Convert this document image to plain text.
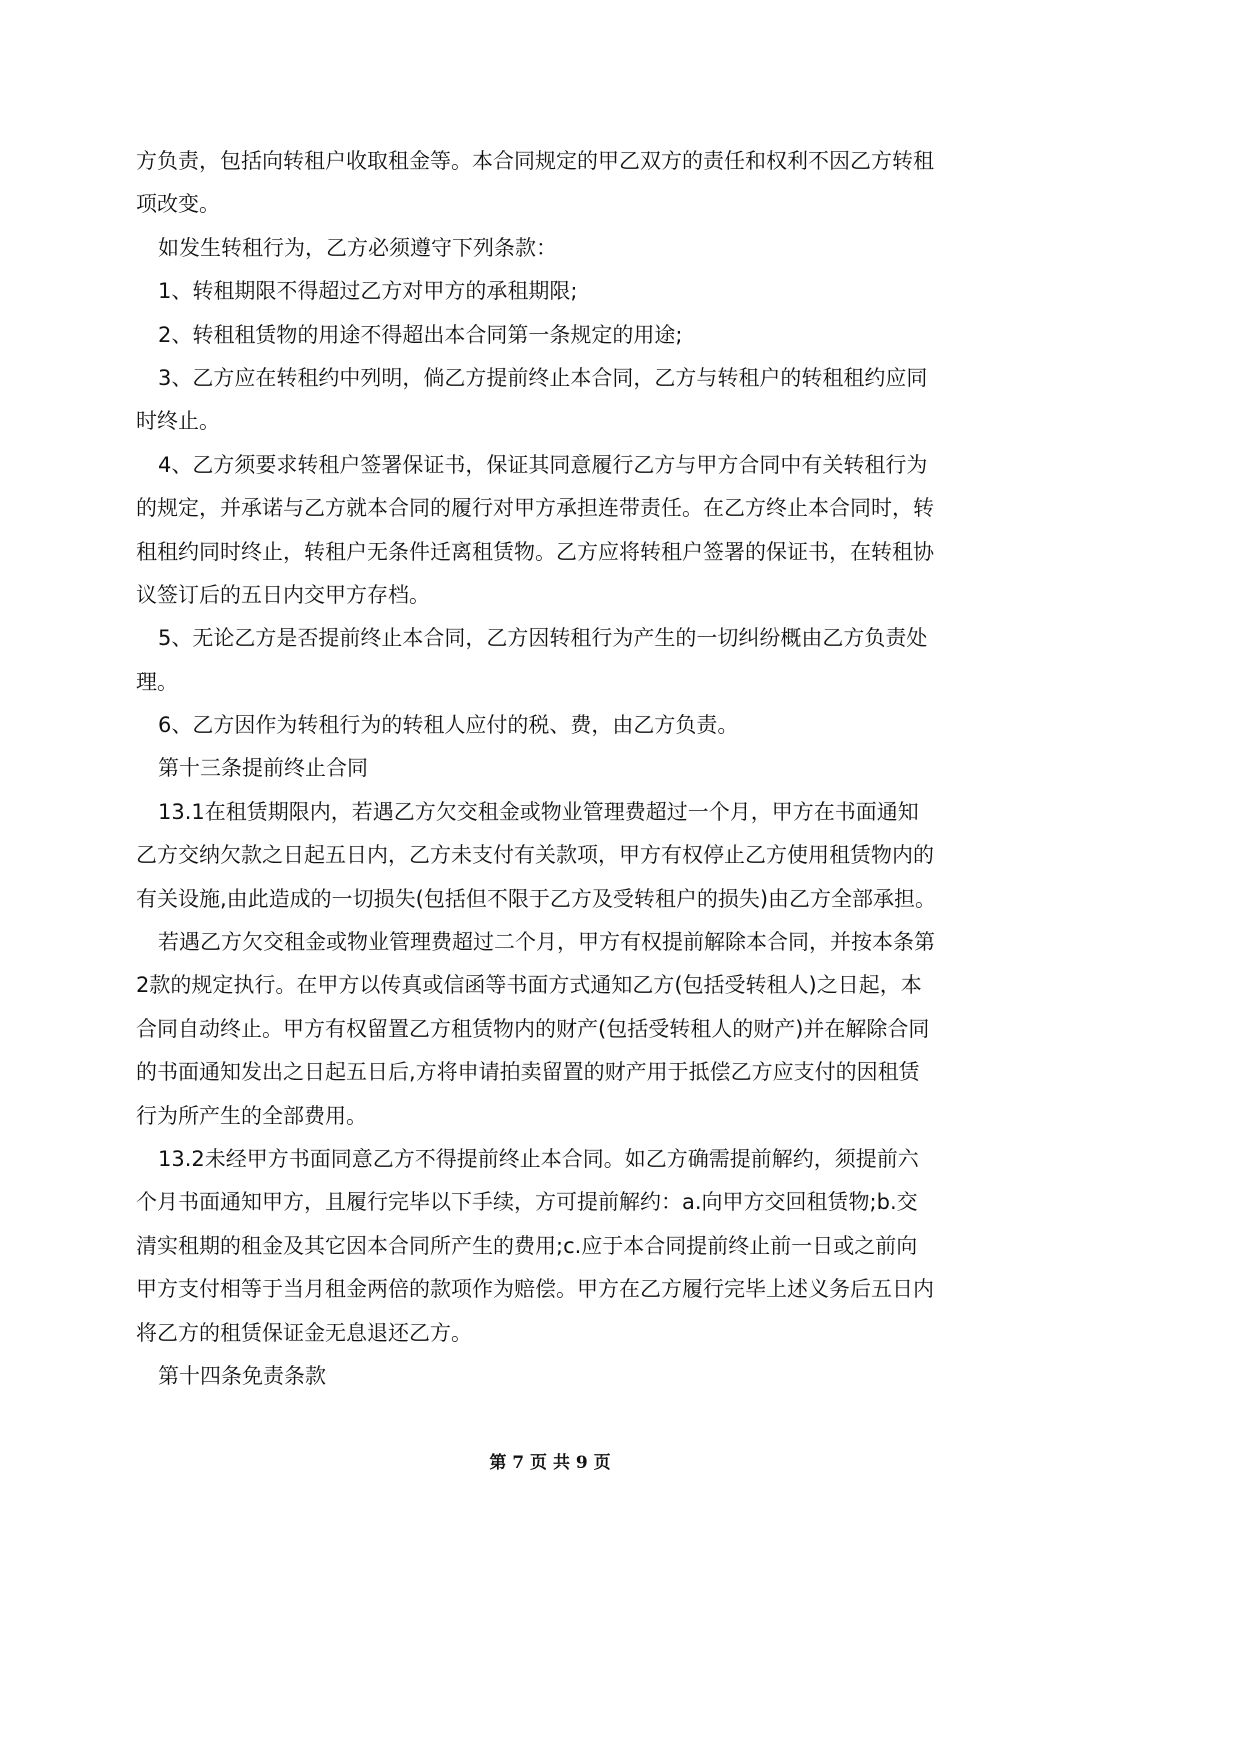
方负责，包括向转租户收取租金等。本合同规定的甲乙双方的责任和权利不因乙方转租
项改变。
如发生转租行为，乙方必须遵守下列条款：
1、转租期限不得超过乙方对甲方的承租期限;
2、转租租赁物的用途不得超出本合同第一条规定的用途;
3、乙方应在转租约中列明，倘乙方提前终止本合同，乙方与转租户的转租租约应同
时终止。
4、乙方须要求转租户签署保证书，保证其同意履行乙方与甲方合同中有关转租行为
的规定，并承诺与乙方就本合同的履行对甲方承担连带责任。在乙方终止本合同时，转
租租约同时终止，转租户无条件迁离租赁物。乙方应将转租户签署的保证书，在转租协
议签订后的五日内交甲方存档。
5、无论乙方是否提前终止本合同，乙方因转租行为产生的一切纠纷概由乙方负责处
理。
6、乙方因作为转租行为的转租人应付的税、费，由乙方负责。
第十三条提前终止合同
13.1在租赁期限内，若遇乙方欠交租金或物业管理费超过一个月，甲方在书面通知
乙方交纳欠款之日起五日内，乙方未支付有关款项，甲方有权停止乙方使用租赁物内的
有关设施,由此造成的一切损失(包括但不限于乙方及受转租户的损失)由乙方全部承担。
若遇乙方欠交租金或物业管理费超过二个月，甲方有权提前解除本合同，并按本条第
2款的规定执行。在甲方以传真或信函等书面方式通知乙方(包括受转租人)之日起，本
合同自动终止。甲方有权留置乙方租赁物内的财产(包括受转租人的财产)并在解除合同
的书面通知发出之日起五日后,方将申请拍卖留置的财产用于抵偿乙方应支付的因租赁
行为所产生的全部费用。
13.2未经甲方书面同意乙方不得提前终止本合同。如乙方确需提前解约，须提前六
个月书面通知甲方，且履行完毕以下手续，方可提前解约：a.向甲方交回租赁物;b.交
清实租期的租金及其它因本合同所产生的费用;c.应于本合同提前终止前一日或之前向
甲方支付相等于当月租金两倍的款项作为赔偿。甲方在乙方履行完毕上述义务后五日内
将乙方的租赁保证金无息退还乙方。
第十四条免责条款
第 7 页 共 9 页
